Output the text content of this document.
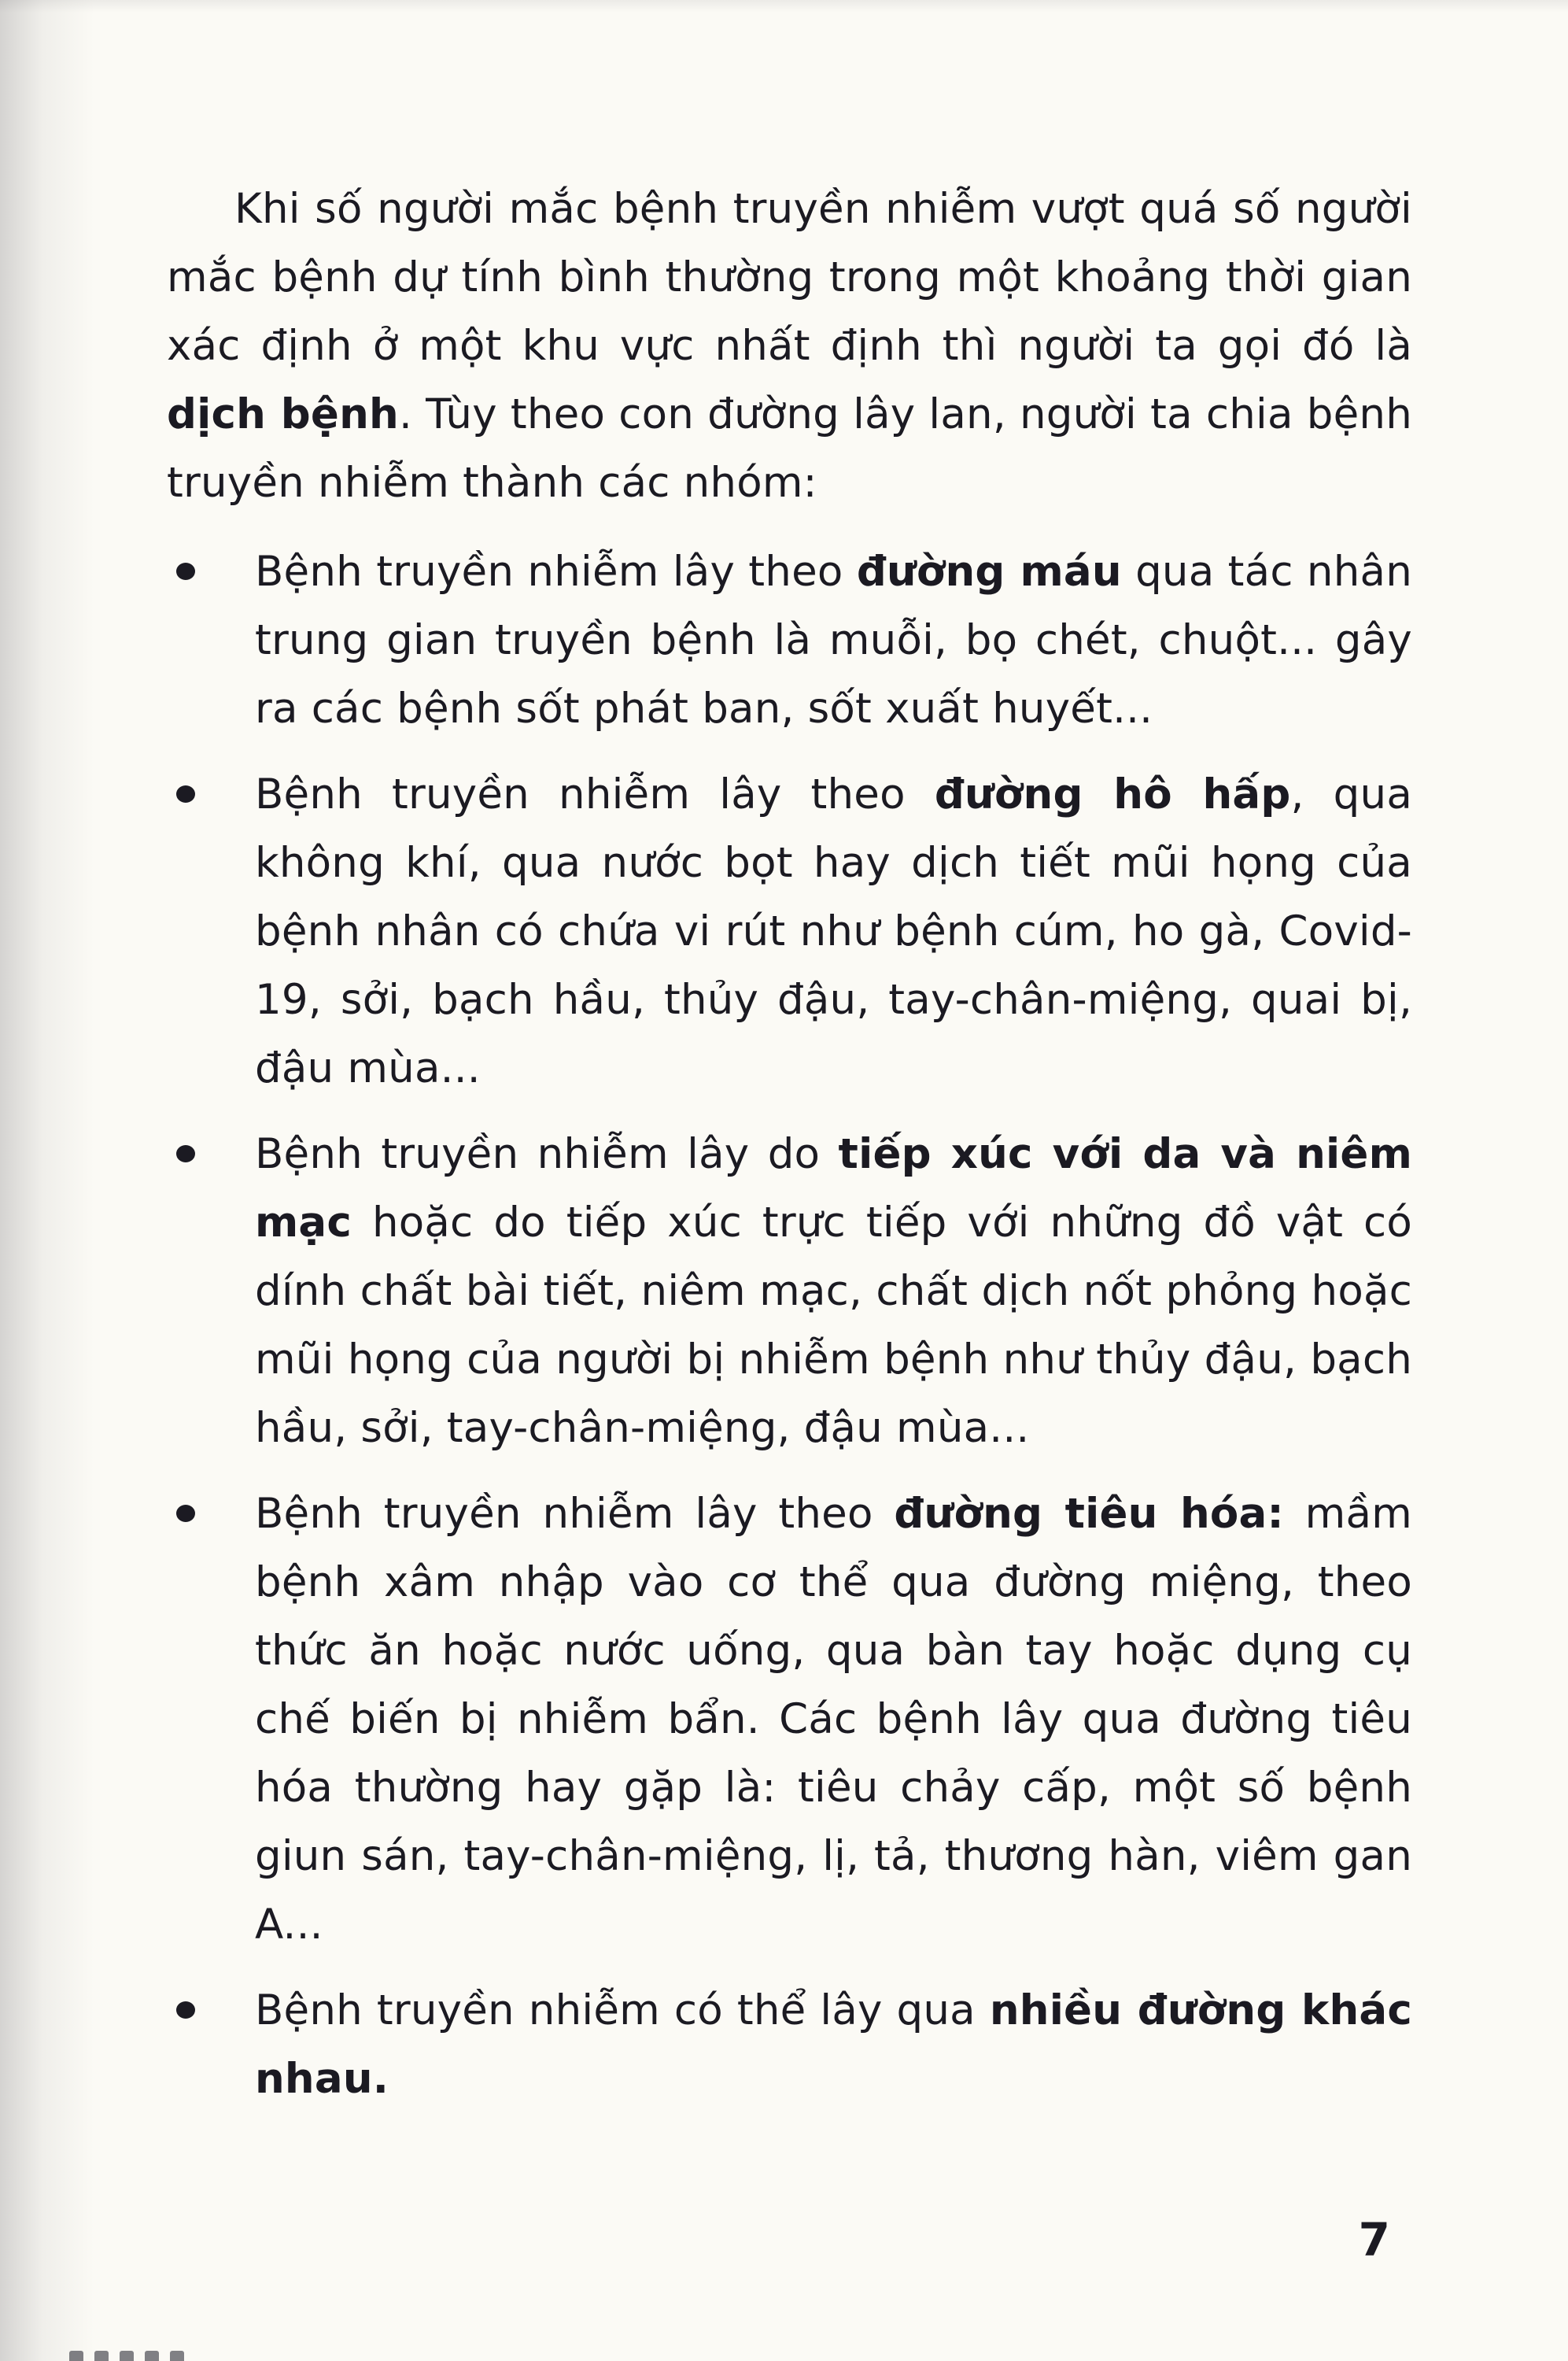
Khi số người mắc bệnh truyền nhiễm vượt quá số người mắc bệnh dự tính bình thường trong một khoảng thời gian xác định ở một khu vực nhất định thì người ta gọi đó là dịch bệnh. Tùy theo con đường lây lan, người ta chia bệnh truyền nhiễm thành các nhóm:

Bệnh truyền nhiễm lây theo đường máu qua tác nhân trung gian truyền bệnh là muỗi, bọ chét, chuột... gây ra các bệnh sốt phát ban, sốt xuất huyết...
Bệnh truyền nhiễm lây theo đường hô hấp, qua không khí, qua nước bọt hay dịch tiết mũi họng của bệnh nhân có chứa vi rút như bệnh cúm, ho gà, Covid-19, sởi, bạch hầu, thủy đậu, tay-chân-miệng, quai bị, đậu mùa...
Bệnh truyền nhiễm lây do tiếp xúc với da và niêm mạc hoặc do tiếp xúc trực tiếp với những đồ vật có dính chất bài tiết, niêm mạc, chất dịch nốt phỏng hoặc mũi họng của người bị nhiễm bệnh như thủy đậu, bạch hầu, sởi, tay-chân-miệng, đậu mùa...
Bệnh truyền nhiễm lây theo đường tiêu hóa: mầm bệnh xâm nhập vào cơ thể qua đường miệng, theo thức ăn hoặc nước uống, qua bàn tay hoặc dụng cụ chế biến bị nhiễm bẩn. Các bệnh lây qua đường tiêu hóa thường hay gặp là: tiêu chảy cấp, một số bệnh giun sán, tay-chân-miệng, lị, tả, thương hàn, viêm gan A...
Bệnh truyền nhiễm có thể lây qua nhiều đường khác nhau.
7
